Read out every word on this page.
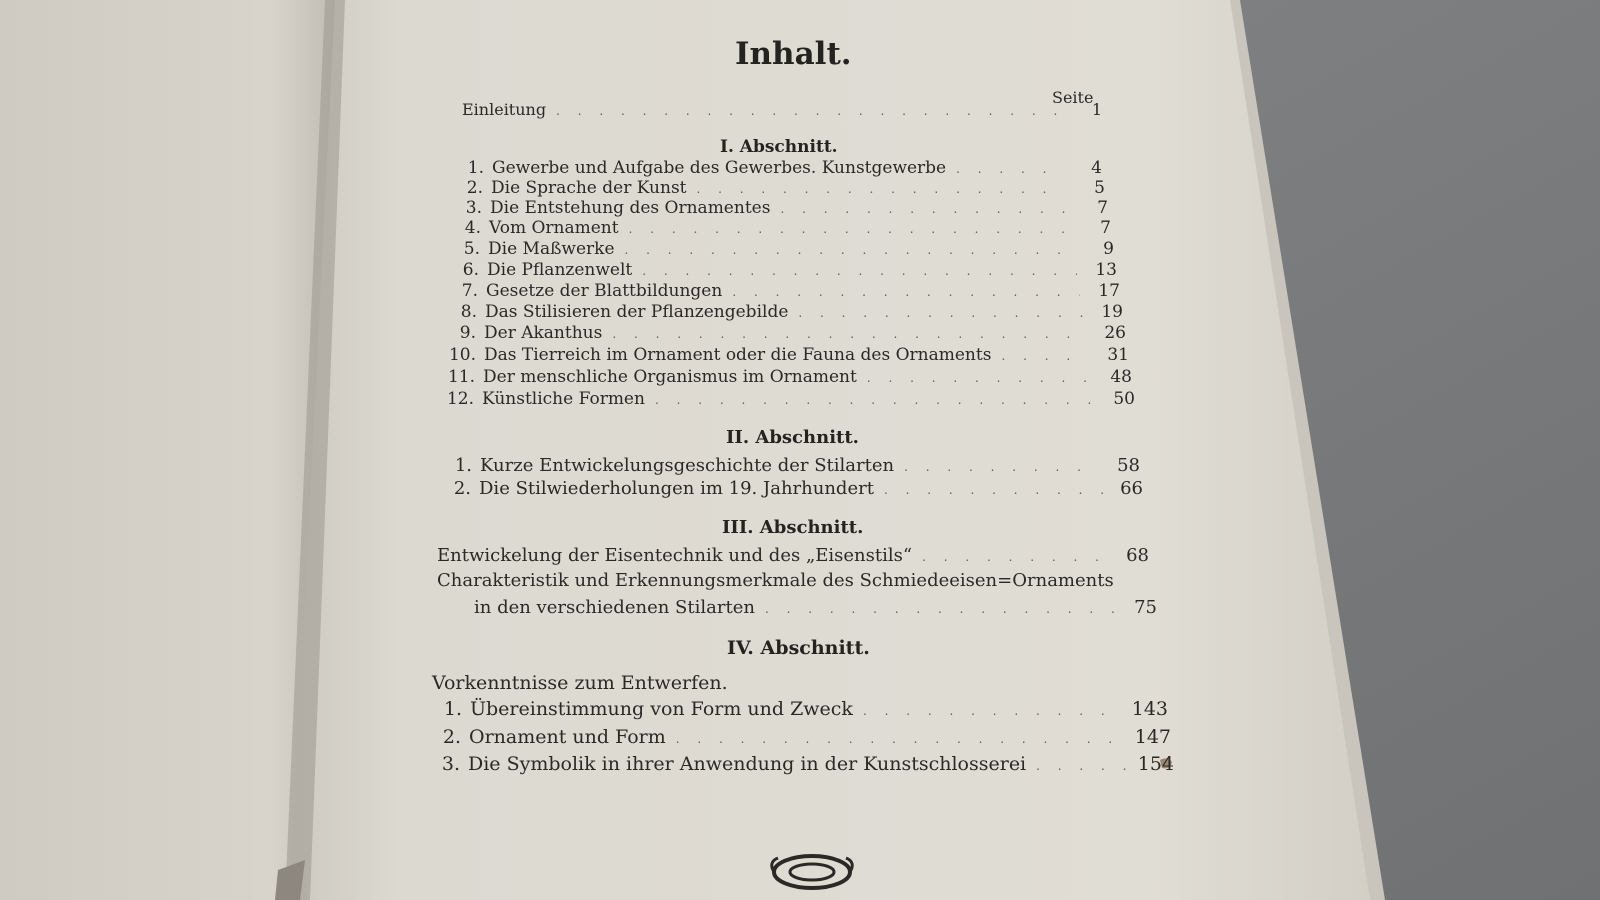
Inhalt.
Seite
Einleitung . . .	1
I. Abschnitt.
1. Gewerbe und Aufgabe des Gewerbes. Kunstgewerbe . . .	4
2. Die Sprache der Kunst . . .	5
3. Die Entstehung des Ornamentes . . .	7
4. Vom Ornament . . .	7
5. Die Maßwerke . . .	9
6. Die Pflanzenwelt . . .	13
7. Gesetze der Blattbildungen . . .	17
8. Das Stilisieren der Pflanzengebilde . . .	19
9. Der Akanthus . . .	26
10. Das Tierreich im Ornament oder die Fauna des Ornaments . . .	31
11. Der menschliche Organismus im Ornament . . .	48
12. Künstliche Formen . . .	50
II. Abschnitt.
1. Kurze Entwickelungsgeschichte der Stilarten . . .	58
2. Die Stilwiederholungen im 19. Jahrhundert . . .	66
III. Abschnitt.
Entwickelung der Eisentechnik und des „Eisenstils“ . . .	68
Charakteristik und Erkennungsmerkmale des Schmiedeeisen=Ornaments
in den verschiedenen Stilarten . . .	75
IV. Abschnitt.
Vorkenntnisse zum Entwerfen.
1. Übereinstimmung von Form und Zweck . . .	143
2. Ornament und Form . . .	147
3. Die Symbolik in ihrer Anwendung in der Kunstschlosserei . . .	154
